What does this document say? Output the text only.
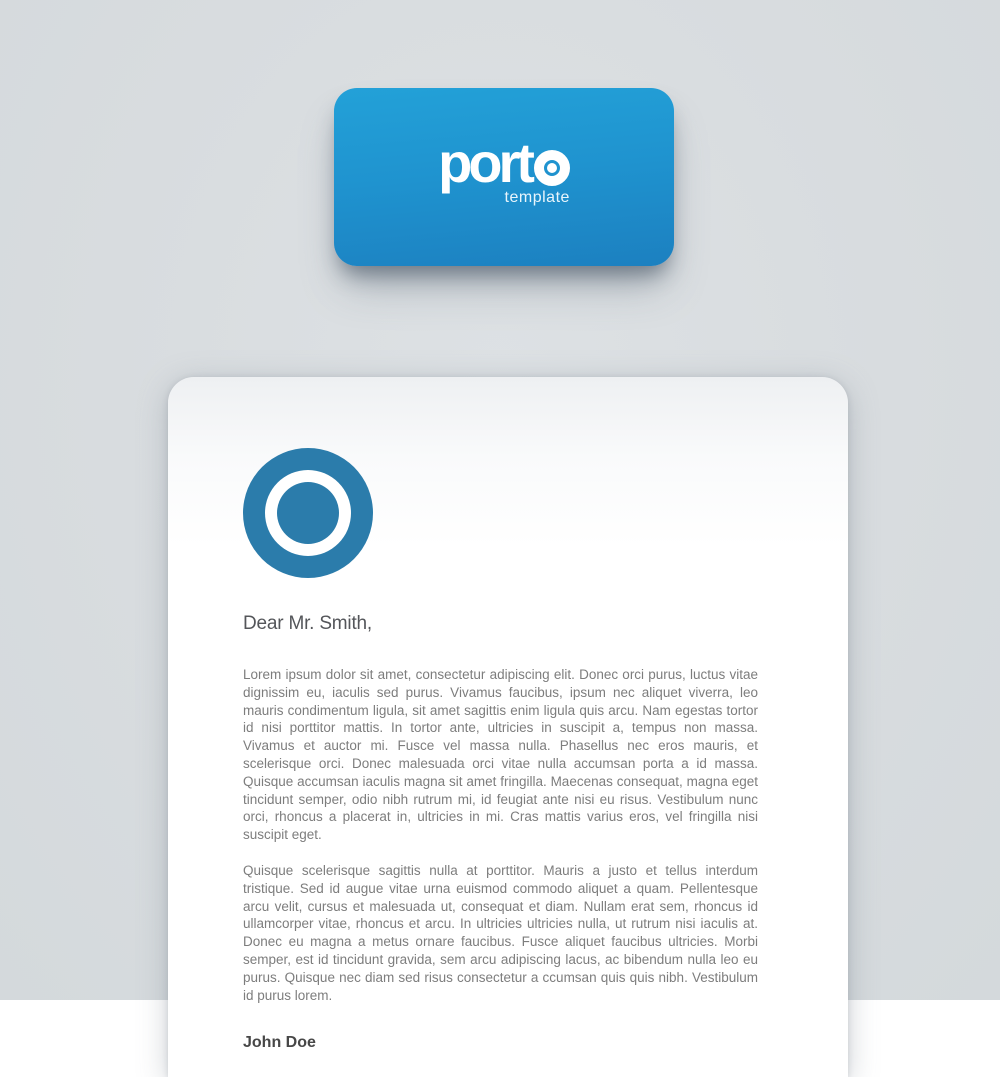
port
template

Dear Mr. Smith,

Lorem ipsum dolor sit amet, consectetur adipiscing elit. Donec orci purus, luctus vitae dignissim eu, iaculis sed purus. Vivamus faucibus, ipsum nec aliquet viverra, leo mauris condimentum ligula, sit amet sagittis enim ligula quis arcu. Nam egestas tortor id nisi porttitor mattis. In tortor ante, ultricies in suscipit a, tempus non massa. Vivamus et auctor mi. Fusce vel massa nulla. Phasellus nec eros mauris, et scelerisque orci. Donec malesuada orci vitae nulla accumsan porta a id massa. Quisque accumsan iaculis magna sit amet fringilla. Maecenas consequat, magna eget tincidunt semper, odio nibh rutrum mi, id feugiat ante nisi eu risus. Vestibulum nunc orci, rhoncus a placerat in, ultricies in mi. Cras mattis varius eros, vel fringilla nisi suscipit eget.

Quisque scelerisque sagittis nulla at porttitor. Mauris a justo et tellus interdum tristique. Sed id augue vitae urna euismod commodo aliquet a quam. Pellentesque arcu velit, cursus et malesuada ut, consequat et diam. Nullam erat sem, rhoncus id ullamcorper vitae, rhoncus et arcu. In ultricies ultricies nulla, ut rutrum nisi iaculis at. Donec eu magna a metus ornare faucibus. Fusce aliquet faucibus ultricies. Morbi semper, est id tincidunt gravida, sem arcu adipiscing lacus, ac bibendum nulla leo eu purus. Quisque nec diam sed risus consectetur a ccumsan quis quis nibh. Vestibulum id purus lorem.

John Doe
